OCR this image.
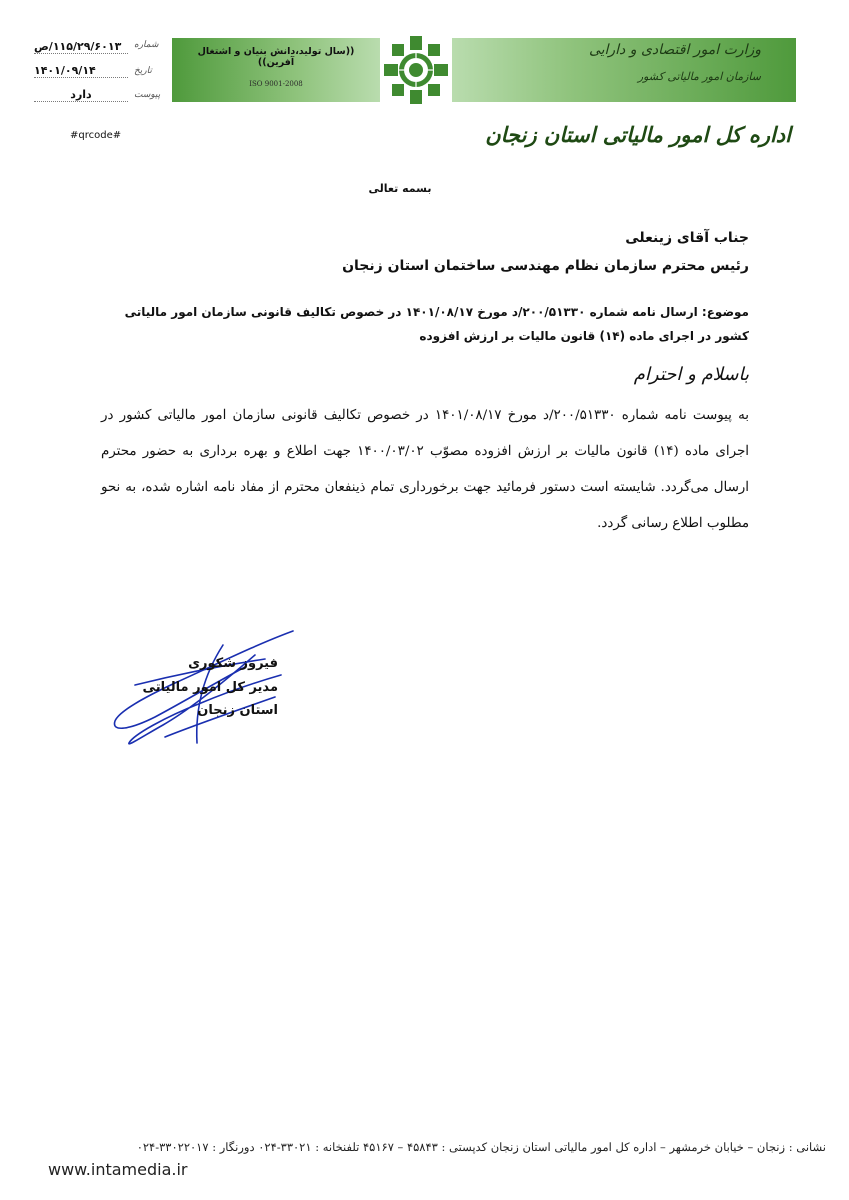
وزارت امور اقتصادی و دارایی
سازمان امور مالیاتی کشور
((سال تولید،دانش بنیان و اشتغال آفرین))
ISO 9001-2008
شماره
۱۱۵/۲۹/۶۰۱۳/ص
تاریخ
۱۴۰۱/۰۹/۱۴
پیوست
دارد
#qrcode#	اداره کل امور مالیاتی استان زنجان
بسمه تعالی
جناب آقای زینعلی
رئیس محترم سازمان نظام مهندسی ساختمان استان زنجان
موضوع: ارسال نامه شماره ۲۰۰/۵۱۳۳۰/د مورخ ۱۴۰۱/۰۸/۱۷ در خصوص تکالیف قانونی سازمان امور مالیاتی کشور در اجرای ماده (۱۴) قانون مالیات بر ارزش افزوده
باسلام و احترام
به پیوست نامه شماره ۲۰۰/۵۱۳۳۰/د مورخ ۱۴۰۱/۰۸/۱۷ در خصوص تکالیف قانونی سازمان امور مالیاتی کشور در اجرای ماده (۱۴) قانون مالیات بر ارزش افزوده مصوّب ۱۴۰۰/۰۳/۰۲ جهت اطلاع و بهره برداری به حضور محترم ارسال می‌گردد. شایسته است دستور فرمائید جهت برخورداری تمام ذینفعان محترم از مفاد نامه اشاره شده، به نحو مطلوب اطلاع رسانی گردد.
فیروز شکوری
مدیر کل امور مالیاتی
استان زنجان
نشانی : زنجان – خیابان خرمشهر – اداره کل امور مالیاتی استان زنجان کدپستی : ۴۵۸۴۳ – ۴۵۱۶۷ تلفنخانه : ۳۳۰۲۱-۰۲۴ دورنگار : ۳۳۰۲۲۰۱۷-۰۲۴
www.intamedia.ir
